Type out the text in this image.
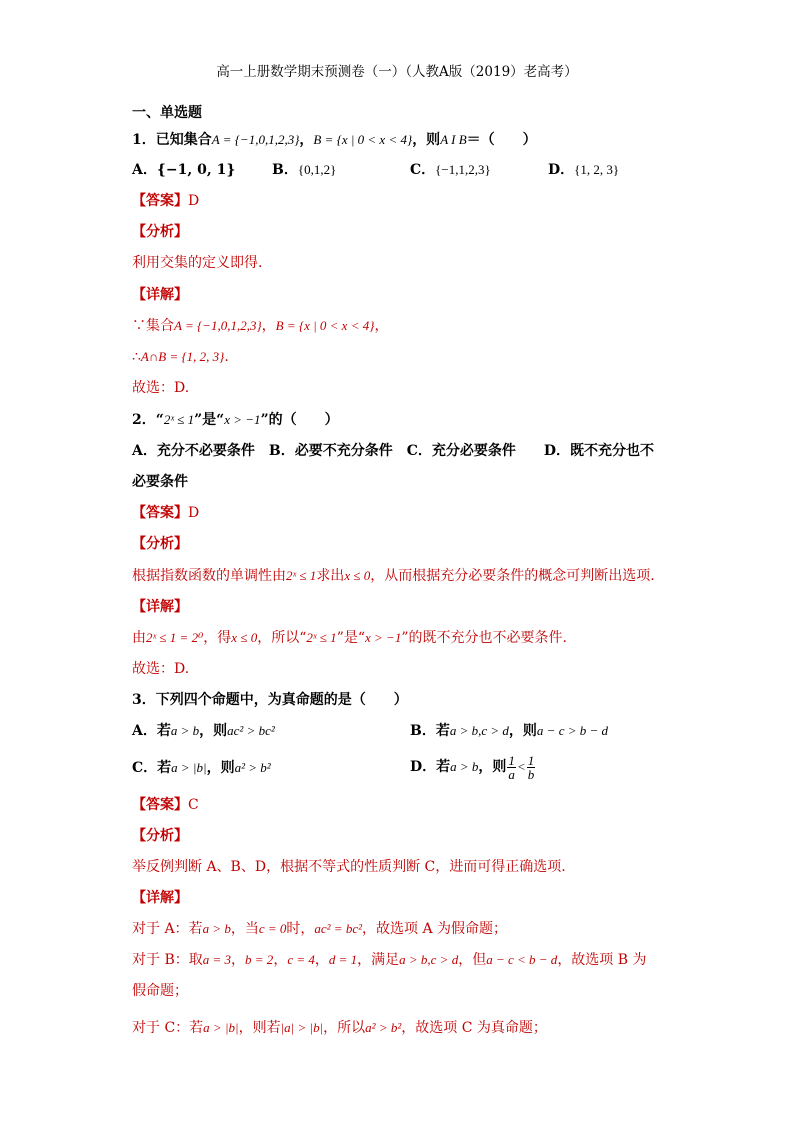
高一上册数学期末预测卷（一）（人教A版（2019）老高考）
一、单选题
1．已知集合A = {−1,0,1,2,3}，B = {x | 0 < x < 4}，则A I B＝（　　）
A．{−1, 0, 1}	B．{0,1,2}	C．{−1,1,2,3}	D．{1, 2, 3}
【答案】D
【分析】
利用交集的定义即得.
【详解】
∵集合A = {−1,0,1,2,3}，B = {x | 0 < x < 4}，
∴A∩B = {1, 2, 3}.
故选：D.
2．“2ˣ ≤ 1”是“x > −1”的（　　）
A．充分不必要条件　B．必要不充分条件　C．充分必要条件　　D．既不充分也不
必要条件
【答案】D
【分析】
根据指数函数的单调性由2ˣ ≤ 1求出x ≤ 0，从而根据充分必要条件的概念可判断出选项.
【详解】
由2ˣ ≤ 1 = 2⁰，得x ≤ 0，所以“2ˣ ≤ 1”是“x > −1”的既不充分也不必要条件.
故选：D.
3．下列四个命题中，为真命题的是（　　）
A．若a > b，则ac² > bc²	B．若a > b,c > d，则a − c > b − d
C．若a > |b|，则a² > b²	D．若a > b，则 $\frac{1}{a} < \frac{1}{b}$
【答案】C
【分析】
举反例判断 A、B、D，根据不等式的性质判断 C，进而可得正确选项.
【详解】
对于 A：若a > b，当c = 0时，ac² = bc²，故选项 A 为假命题；
对于 B：取a = 3，b = 2，c = 4，d = 1，满足a > b,c > d，但a − c < b − d，故选项 B 为
假命题；
对于 C：若a > |b|，则若|a| > |b|，所以a² > b²，故选项 C 为真命题；
